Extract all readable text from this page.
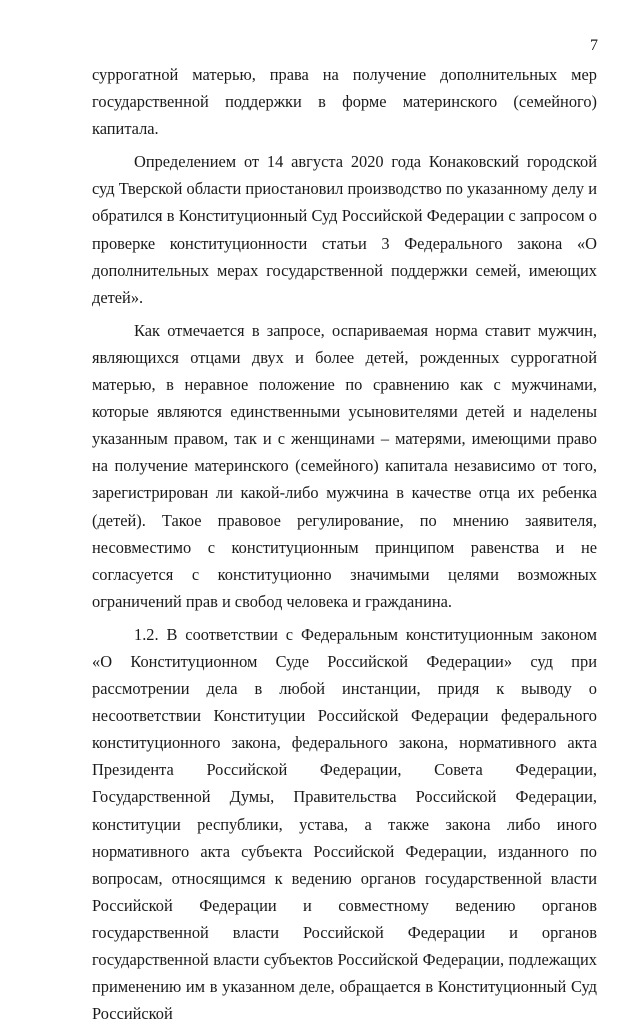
7

суррогатной матерью, права на получение дополнительных мер государственной поддержки в форме материнского (семейного) капитала.

Определением от 14 августа 2020 года Конаковский городской суд Тверской области приостановил производство по указанному делу и обратился в Конституционный Суд Российской Федерации с запросом о проверке конституционности статьи 3 Федерального закона «О дополнительных мерах государственной поддержки семей, имеющих детей».

Как отмечается в запросе, оспариваемая норма ставит мужчин, являющихся отцами двух и более детей, рожденных суррогатной матерью, в неравное положение по сравнению как с мужчинами, которые являются единственными усыновителями детей и наделены указанным правом, так и с женщинами – матерями, имеющими право на получение материнского (семейного) капитала независимо от того, зарегистрирован ли какой-либо мужчина в качестве отца их ребенка (детей). Такое правовое регулирование, по мнению заявителя, несовместимо с конституционным принципом равенства и не согласуется с конституционно значимыми целями возможных ограничений прав и свобод человека и гражданина.

1.2. В соответствии с Федеральным конституционным законом «О Конституционном Суде Российской Федерации» суд при рассмотрении дела в любой инстанции, придя к выводу о несоответствии Конституции Российской Федерации федерального конституционного закона, федерального закона, нормативного акта Президента Российской Федерации, Совета Федерации, Государственной Думы, Правительства Российской Федерации, конституции республики, устава, а также закона либо иного нормативного акта субъекта Российской Федерации, изданного по вопросам, относящимся к ведению органов государственной власти Российской Федерации и совместному ведению органов государственной власти Российской Федерации и органов государственной власти субъектов Российской Федерации, подлежащих применению им в указанном деле, обращается в Конституционный Суд Российской
